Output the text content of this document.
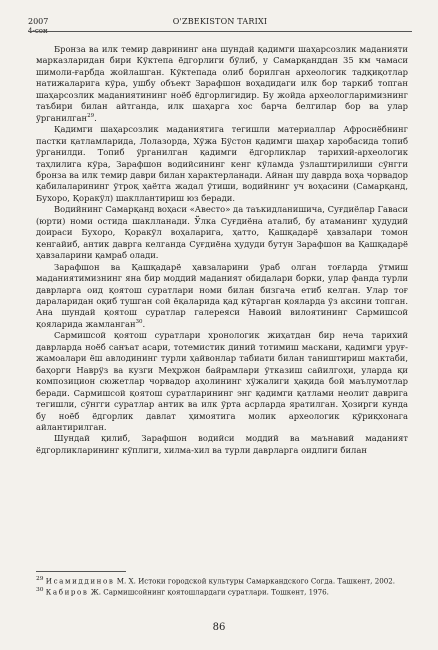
2007	O'ZBEKISTON TARIXI
4-сон

Бронза ва илк темир даврининг ана шундай қадимги шаҳарсозлик маданияти марказларидан бири Кўктепа ёдгорлиги бўлиб, у Самарқанддан 35 км чамаси шимоли-ғарбда жойлашган. Кўктепада олиб борилган археологик тадқиқотлар натижаларига кўра, ушбу объект Зарафшон воҳадидаги илк бор таркиб топган шаҳарсозлик маданиятининг ноёб ёдгорлигидир. Бу жойда археологларимизнинг таъбири билан айтганда, илк шаҳарга хос барча белгилар бор ва улар ўрганилган$^{29}$.

Қадимги шаҳарсозлик маданиятига тегишли материаллар Афросиёбнинг пастки қатламларида, Лолазорда, Хўжа Бўстон қадимги шаҳар харобасида топиб ўрганилди. Топиб ўрганилган қадимги ёдгорликлар тарихий-археологик таҳлилига кўра, Зарафшон водийсининг кенг кўламда ўзлаштирилиши сўнгги бронза ва илк темир даври билан характерланади. Айнан шу даврда воҳа чорвадор қабилаларининг ўтроқ ҳаётга жадал ўтиши, водийнинг уч воҳасини (Самарқанд, Бухоро, Қоракўл) шакллантириш юз беради.

Водийнинг Самарқанд воҳаси «Авесто» да таъкидланишича, Суғдиёлар Гаваси (юрти) номи остида шаклланади. Ўлка Суғдиёна аталиб, бу атаманинг ҳудудий доираси Бухоро, Қоракўл воҳаларига, ҳатто, Қашқадарё ҳавзалари томон кенгайиб, антик даврга келганда Суғдиёна ҳудуди бутун Зарафшон ва Қашқадарё ҳавзаларини қамраб олади.

Зарафшон ва Қашқадарё ҳавзаларини ўраб олган тоғларда ўтмиш маданиятимизнинг яна бир моддий маданият обидалари борки, улар фанда турли даврларга оид қоятош суратлари номи билан бизгача етиб келган. Улар тоғ дараларидан оқиб тушган сой ёқаларида қад кўтарган қояларда ўз аксини топган. Ана шундай қоятош суратлар галереяси Навоий вилоятининг Сармишсой қояларида жамланган$^{30}$.

Сармишсой қоятош суратлари хронологик жиҳатдан бир неча тарихий даврларда ноёб санъат асари, тотемистик диний тотимиш маскани, қадимги уруғ-жамоалари ёш авлодининг турли ҳайвонлар табиати билан таништириш мактаби, баҳорги Наврўз ва кузги Меҳржон байрамлари ўтказиш сайилгоҳи, уларда қи композицион сюжетлар чорвадор аҳолининг хўжалиги ҳақида бой маълумотлар беради. Сармишсой қоятош суратларининг энг қадимги қатлами неолит даврига тегишли, сўнгги суратлар антик ва илк ўрта асрларда яратилган. Ҳозирги кунда бу ноёб ёдгорлик давлат ҳимоятига молик археологик қўриқхонага айлантирилган.

Шундай қилиб, Зарафшон водийси моддий ва маънавий маданият ёдгорликларининг кўплиги, хилма-хил ва турли даврларга оидлиги билан

$^{29}$ Исамиддинов М. Х. Истоки городской культуры Самаркандского Согда. Ташкент, 2002.

$^{30}$ Кабиров Ж. Сармишсойнинг қоятошлардаги суратлари. Тошкент, 1976.

86
